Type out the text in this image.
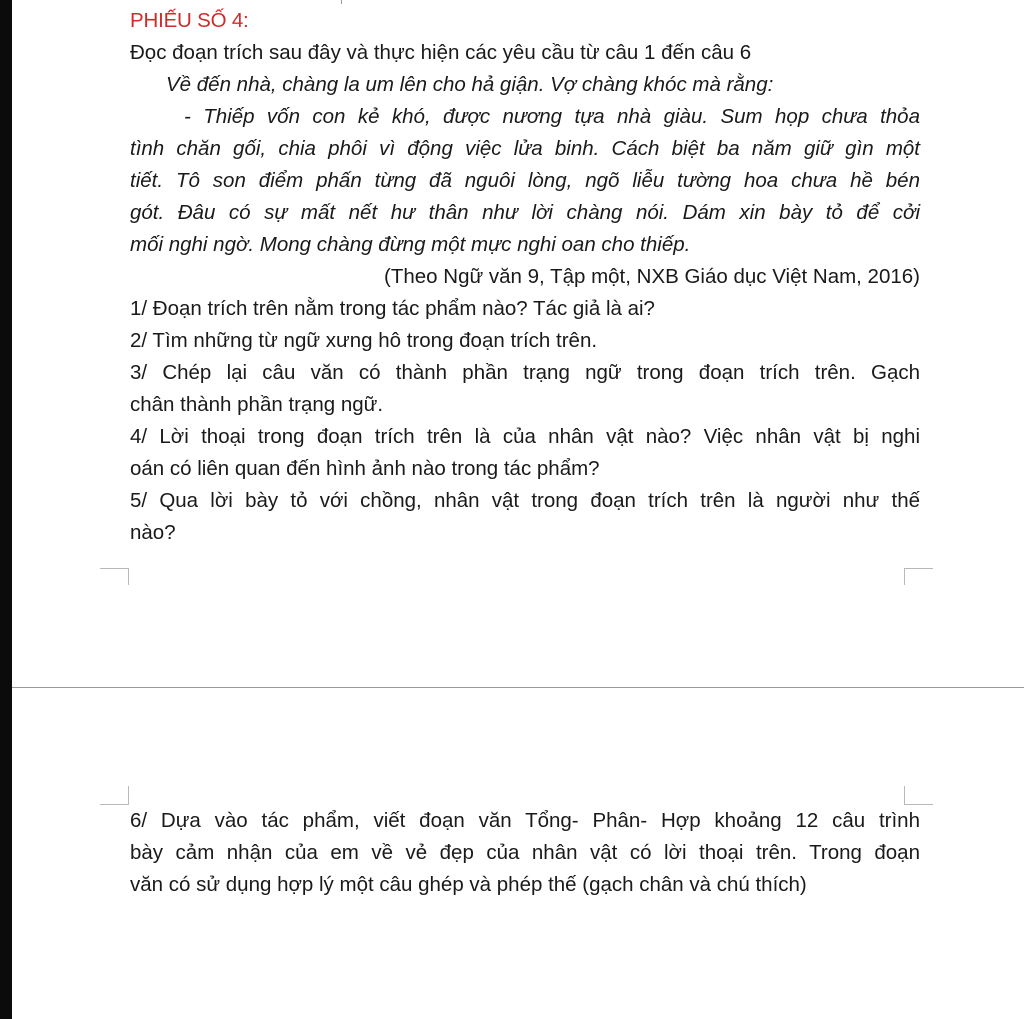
PHIẾU SỐ 4:
Đọc đoạn trích sau đây và thực hiện các yêu cầu từ câu 1 đến câu 6
Về đến nhà, chàng la um lên cho hả giận. Vợ chàng khóc mà rằng:
- Thiếp vốn con kẻ khó, được nương tựa nhà giàu. Sum họp chưa thỏa
tình chăn gối, chia phôi vì động việc lửa binh. Cách biệt ba năm giữ gìn một
tiết. Tô son điểm phấn từng đã nguôi lòng, ngõ liễu tường hoa chưa hề bén
gót. Đâu có sự mất nết hư thân như lời chàng nói. Dám xin bày tỏ để cởi
mối nghi ngờ. Mong chàng đừng một mực nghi oan cho thiếp.
(Theo Ngữ văn 9, Tập một, NXB Giáo dục Việt Nam, 2016)
1/ Đoạn trích trên nằm trong tác phẩm nào? Tác giả là ai?
2/ Tìm những từ ngữ xưng hô trong đoạn trích trên.
3/ Chép lại câu văn có thành phần trạng ngữ trong đoạn trích trên. Gạch
chân thành phần trạng ngữ.
4/ Lời thoại trong đoạn trích trên là của nhân vật nào? Việc nhân vật bị nghi
oán có liên quan đến hình ảnh nào trong tác phẩm?
5/ Qua lời bày tỏ với chồng, nhân vật trong đoạn trích trên là người như thế
nào?
6/ Dựa vào tác phẩm, viết đoạn văn Tổng- Phân- Hợp khoảng 12 câu trình
bày cảm nhận của em về vẻ đẹp của nhân vật có lời thoại trên. Trong đoạn
văn có sử dụng hợp lý một câu ghép và phép thế (gạch chân và chú thích)
